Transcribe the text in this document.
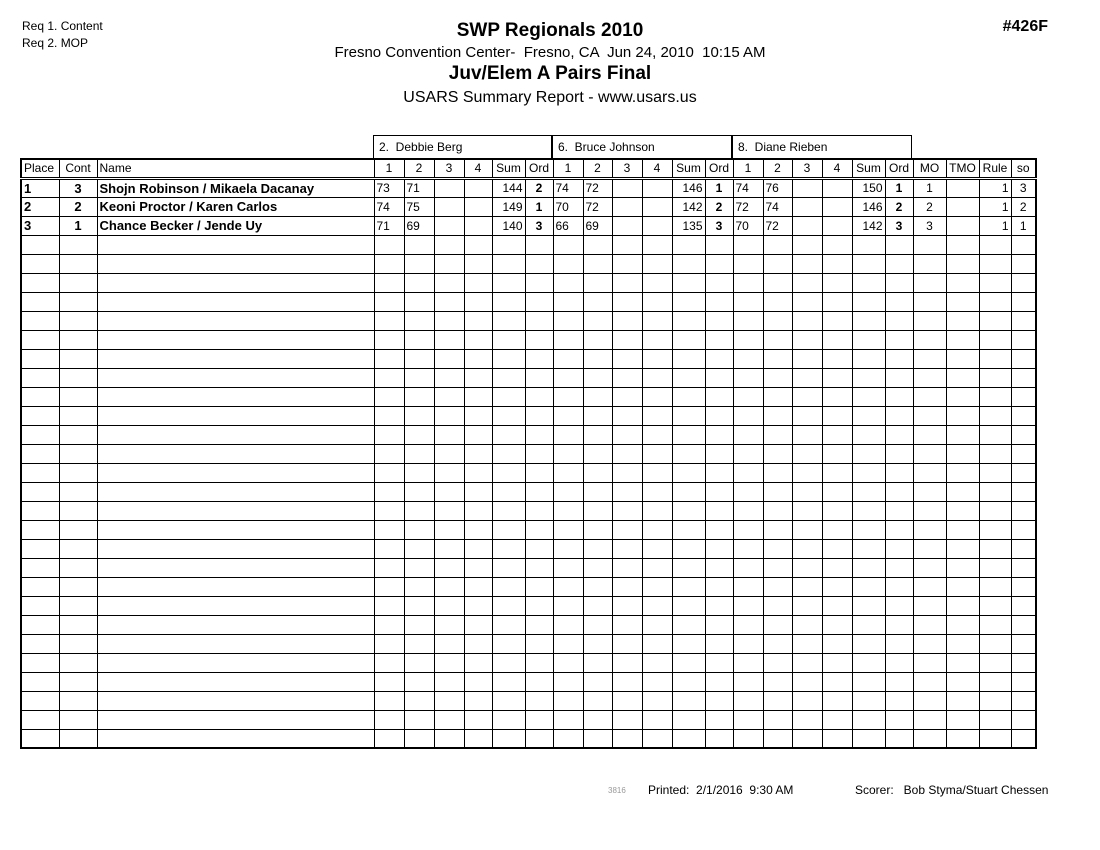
Req 1. Content
Req 2. MOP
#426F
SWP Regionals 2010
Fresno Convention Center-  Fresno, CA  Jun 24, 2010  10:15 AM
Juv/Elem A Pairs Final
USARS Summary Report - www.usars.us
2.  Debbie Berg	6.  Bruce Johnson	8.  Diane Rieben
Place	Cont	Name	1	2	3	4	Sum	Ord	1	2	3	4	Sum	Ord	1	2	3	4	Sum	Ord	MO	TMO	Rule	so
1	3	Shojn Robinson / Mikaela Dacanay	73	71			144	2	74	72			146	1	74	76			150	1	1		1	3
2	2	Keoni Proctor / Karen Carlos	74	75			149	1	70	72			142	2	72	74			146	2	2		1	2
3	1	Chance Becker / Jende Uy	71	69			140	3	66	69			135	3	70	72			142	3	3		1	1

3816 Printed:  2/1/2016  9:30 AM	Scorer:   Bob Styma/Stuart Chessen
